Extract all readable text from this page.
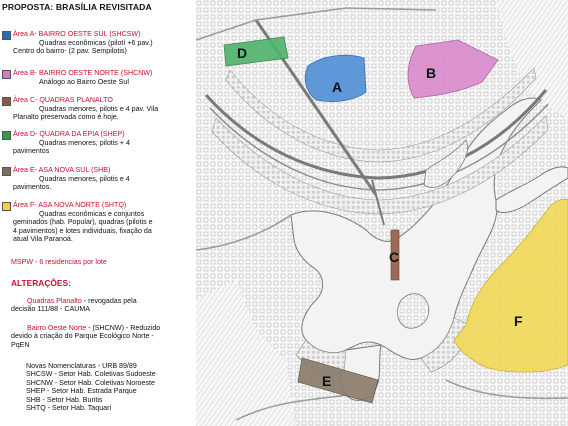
PROPOSTA: BRASÍLIA REVISITADA
Área A- BAIRRO OESTE SUL (SHCSW)
Quadras econômicas (pilotí +6 pav.)
Centro do bairro- (2 pav. Sempilotis)
Área B- BAIRRO OESTE NORTE (SHCNW)
Análogo ao Bairro Oeste Sul
Área C- QUADRAS PLANALTO
Quadras menores, pilotis e 4 pav. Vila
Planalto preservada como é hoje.
Área D- QUADRA DA EPIA (SHEP)
Quadras menores, pilotis + 4
pavimentos
Área E- ASA NOVA SUL (SHB)
Quadras menores, pilotis e 4
pavimentos.
Área F- ASA NOVA NORTE (SHTQ)
Quadras econômicas e conjuntos
geminados (hab. Popular), quadras (pilotis e
4 pavimentos) e lotes individuais, fixação da
atual Vila Paranoá.
MSPW - 6 residencias por lote
ALTERAÇÕES:
Quadras Planalto - revogadas pela
decisão 111/88 - CAUMA
Bairro Oeste Norte - (SHCNW) - Reduzido
devido à criação do Parque Ecológico Norte -
PqEN
Novas Nomenclaturas - URB 89/89
SHCSW - Setor Hab. Coletivas Sudoeste
SHCNW - Setor Hab. Coletivas Noroeste
SHEP - Setor Hab. Estrada Parque
SHB - Setor Hab. Buritis
SHTQ - Setor Hab. Taquari
D
A
B
C
F
E
